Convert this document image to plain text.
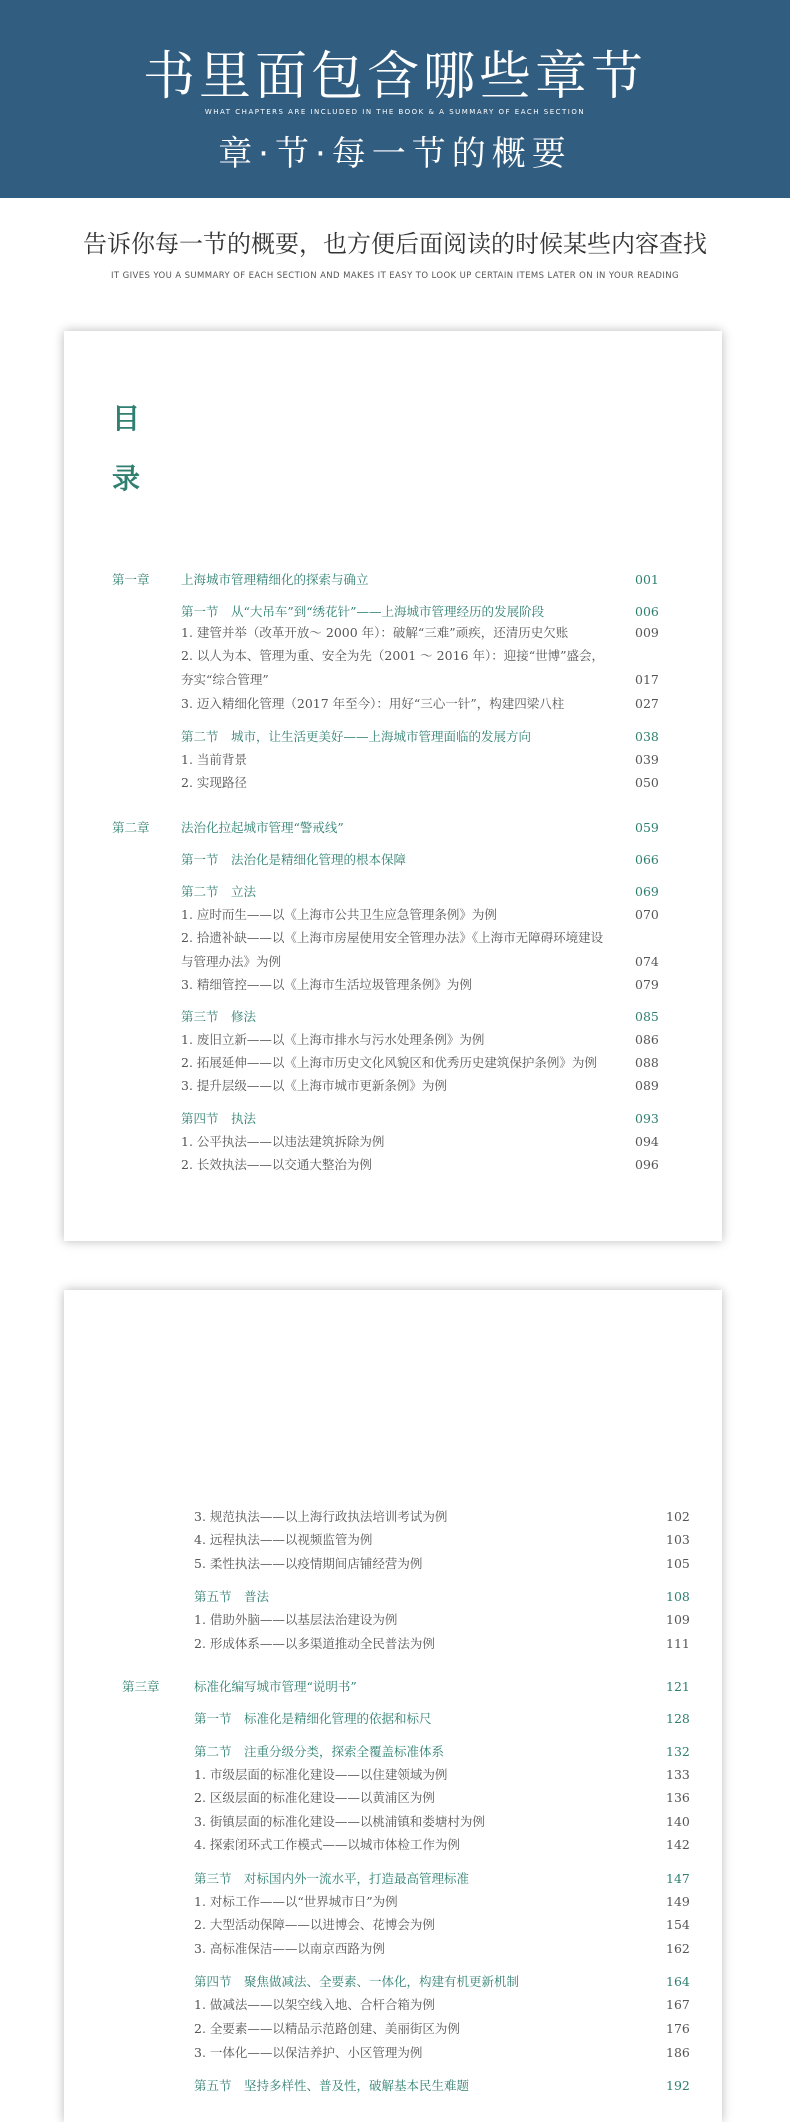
书里面包含哪些章节
WHAT CHAPTERS ARE INCLUDED IN THE BOOK & A SUMMARY OF EACH SECTION
章·节·每一节的概要
告诉你每一节的概要，也方便后面阅读的时候某些内容查找
IT GIVES YOU A SUMMARY OF EACH SECTION AND MAKES IT EASY TO LOOK UP CERTAIN ITEMS LATER ON IN YOUR READING
目 录
第一章	上海城市管理精细化的探索与确立	001
第一节　从“大吊车”到“绣花针”——上海城市管理经历的发展阶段	006
1. 建管并举（改革开放～ 2000 年）：破解“三难”顽疾，还清历史欠账	009
2. 以人为本、管理为重、安全为先（2001 ～ 2016 年）：迎接“世博”盛会，
夯实“综合管理”	017
3. 迈入精细化管理（2017 年至今）：用好“三心一针”，构建四梁八柱	027
第二节　城市，让生活更美好——上海城市管理面临的发展方向	038
1. 当前背景	039
2. 实现路径	050
第二章	法治化拉起城市管理“警戒线”	059
第一节　法治化是精细化管理的根本保障	066
第二节　立法	069
1. 应时而生——以《上海市公共卫生应急管理条例》为例	070
2. 拾遗补缺——以《上海市房屋使用安全管理办法》《上海市无障碍环境建设
与管理办法》为例	074
3. 精细管控——以《上海市生活垃圾管理条例》为例	079
第三节　修法	085
1. 废旧立新——以《上海市排水与污水处理条例》为例	086
2. 拓展延伸——以《上海市历史文化风貌区和优秀历史建筑保护条例》为例	088
3. 提升层级——以《上海市城市更新条例》为例	089
第四节　执法	093
1. 公平执法——以违法建筑拆除为例	094
2. 长效执法——以交通大整治为例	096
3. 规范执法——以上海行政执法培训考试为例	102
4. 远程执法——以视频监管为例	103
5. 柔性执法——以疫情期间店铺经营为例	105
第五节　普法	108
1. 借助外脑——以基层法治建设为例	109
2. 形成体系——以多渠道推动全民普法为例	111
第三章	标准化编写城市管理“说明书”	121
第一节　标准化是精细化管理的依据和标尺	128
第二节　注重分级分类，探索全覆盖标准体系	132
1. 市级层面的标准化建设——以住建领域为例	133
2. 区级层面的标准化建设——以黄浦区为例	136
3. 街镇层面的标准化建设——以桃浦镇和娄塘村为例	140
4. 探索闭环式工作模式——以城市体检工作为例	142
第三节　对标国内外一流水平，打造最高管理标准	147
1. 对标工作——以“世界城市日”为例	149
2. 大型活动保障——以进博会、花博会为例	154
3. 高标准保洁——以南京西路为例	162
第四节　聚焦做减法、全要素、一体化，构建有机更新机制	164
1. 做减法——以架空线入地、合杆合箱为例	167
2. 全要素——以精品示范路创建、美丽街区为例	176
3. 一体化——以保洁养护、小区管理为例	186
第五节　坚持多样性、普及性，破解基本民生难题	192
